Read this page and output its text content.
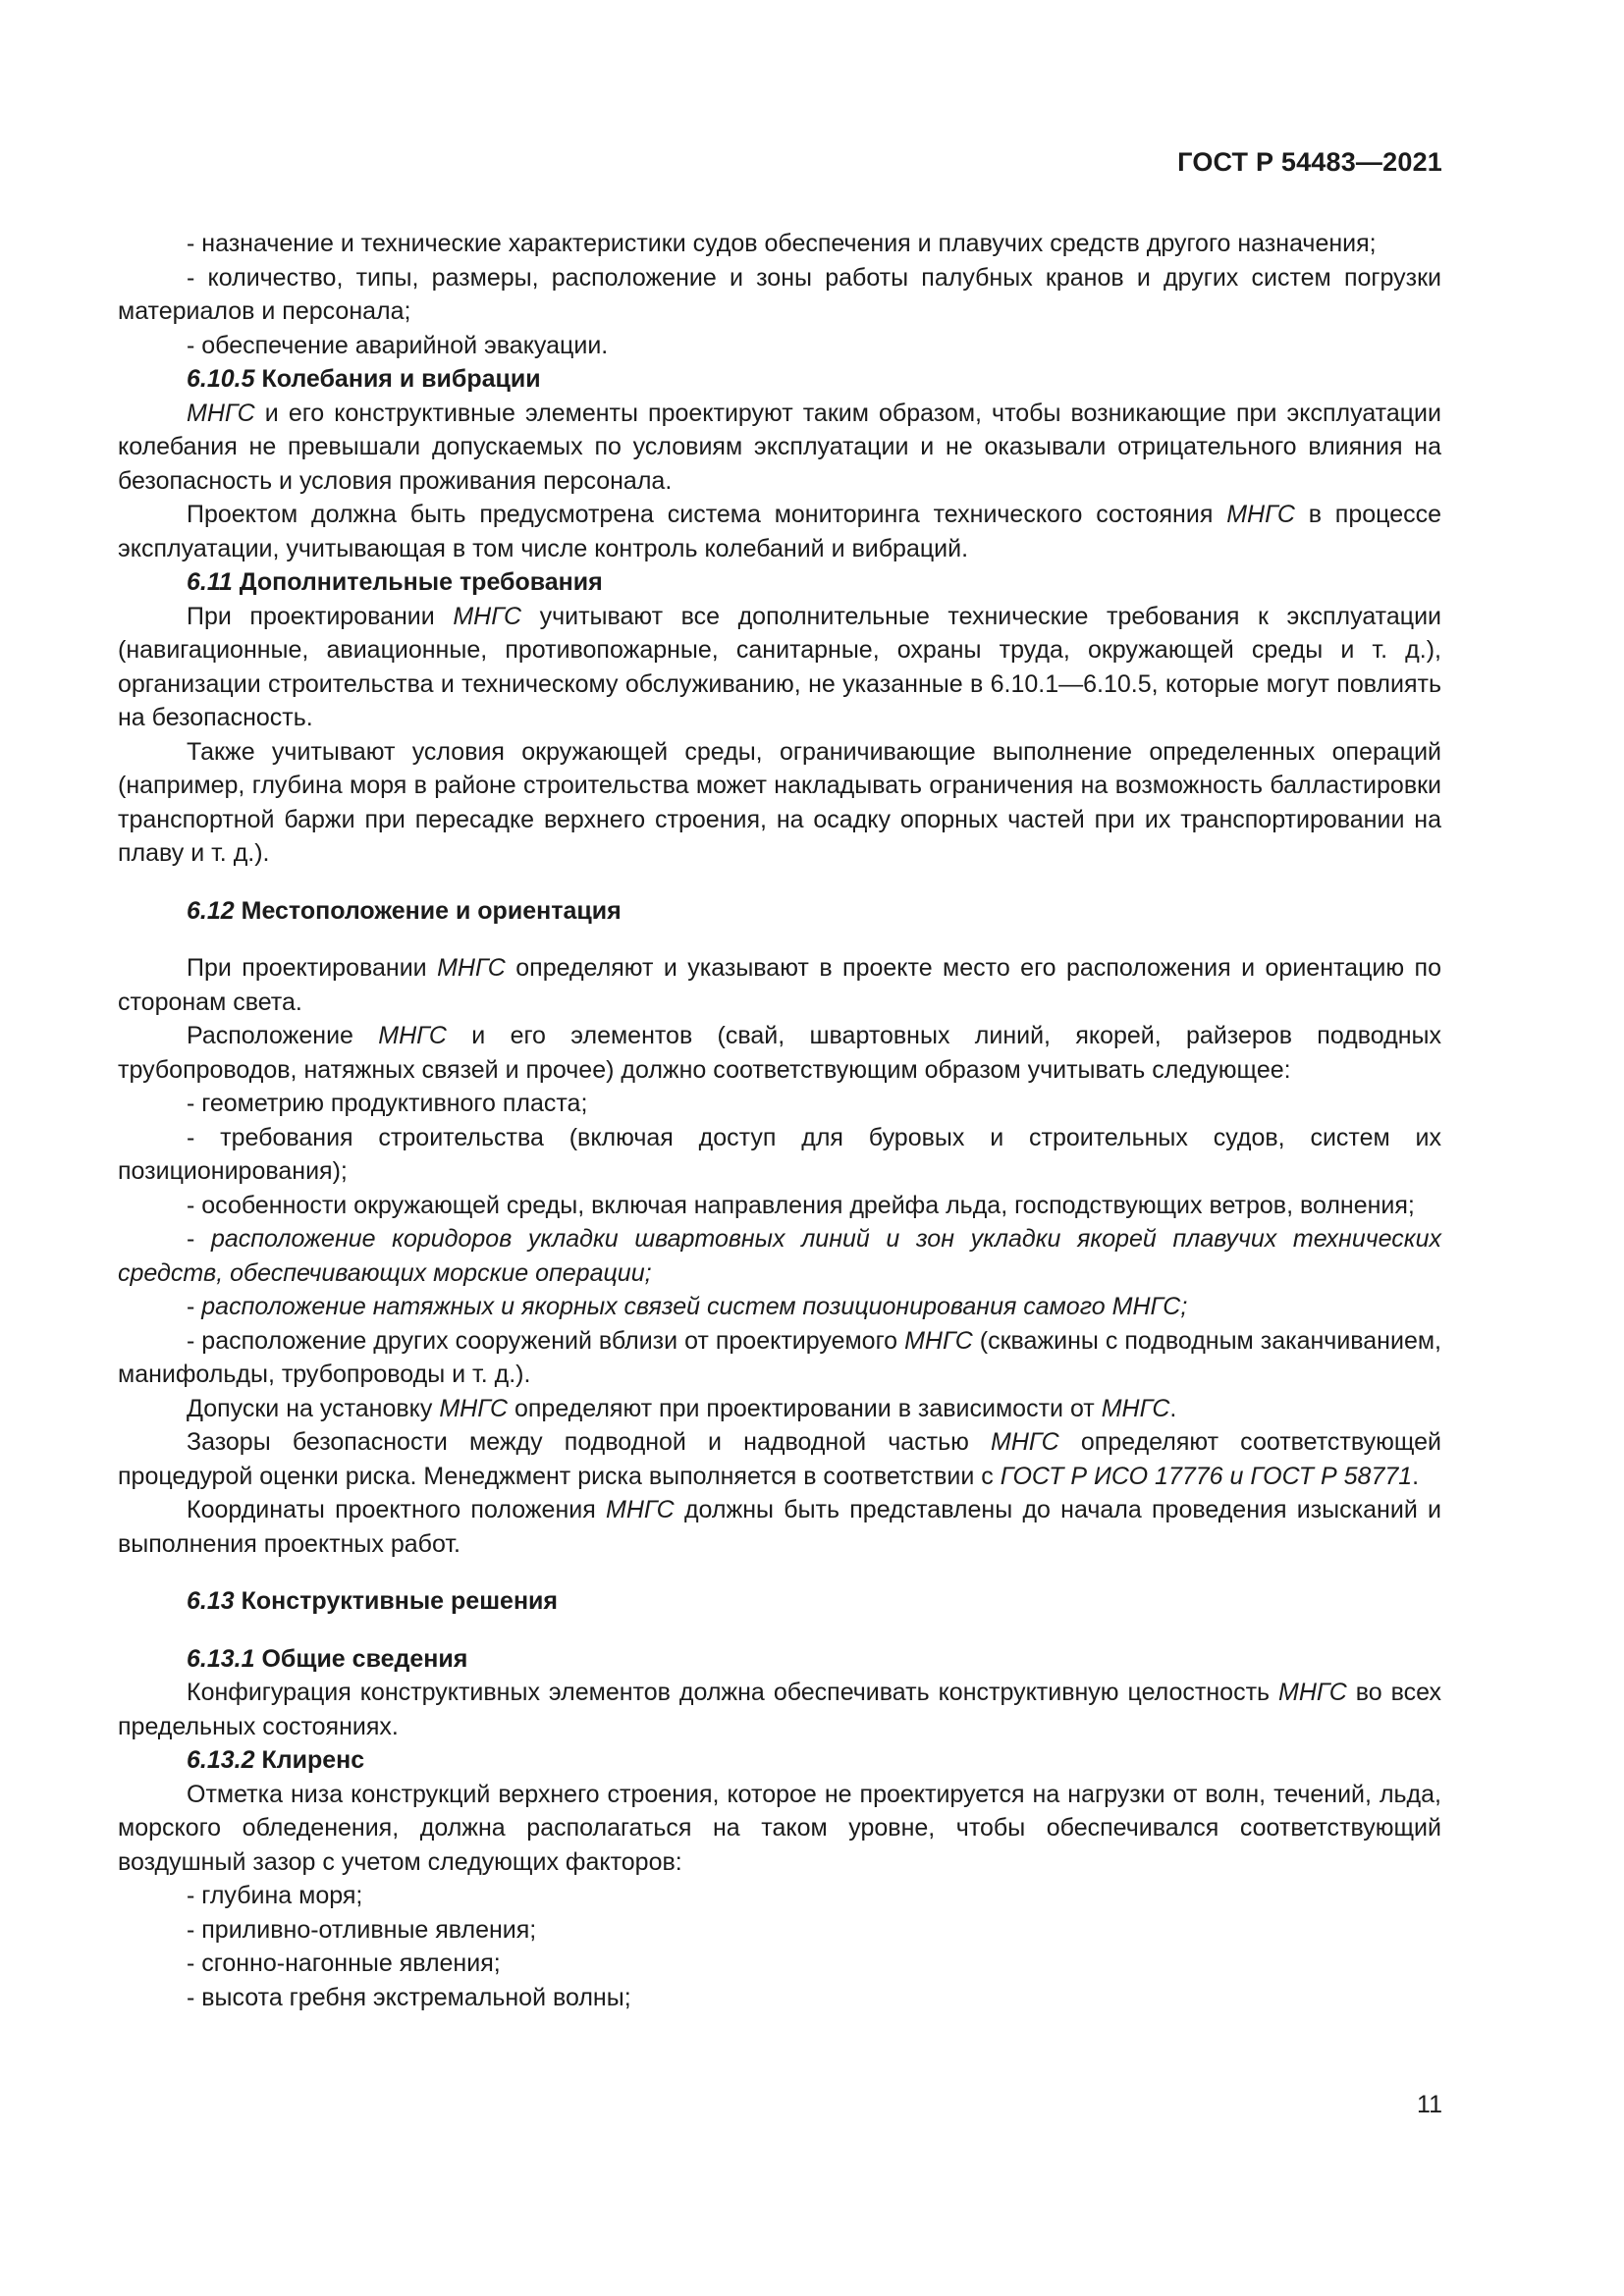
ГОСТ Р 54483—2021

- назначение и технические характеристики судов обеспечения и плавучих средств другого назначения;

- количество, типы, размеры, расположение и зоны работы палубных кранов и других систем погрузки материалов и персонала;

- обеспечение аварийной эвакуации.

6.10.5 Колебания и вибрации

МНГС и его конструктивные элементы проектируют таким образом, чтобы возникающие при эксплуатации колебания не превышали допускаемых по условиям эксплуатации и не оказывали отрицательного влияния на безопасность и условия проживания персонала.

Проектом должна быть предусмотрена система мониторинга технического состояния МНГС в процессе эксплуатации, учитывающая в том числе контроль колебаний и вибраций.

6.11 Дополнительные требования

При проектировании МНГС учитывают все дополнительные технические требования к эксплуатации (навигационные, авиационные, противопожарные, санитарные, охраны труда, окружающей среды и т. д.), организации строительства и техническому обслуживанию, не указанные в 6.10.1—6.10.5, которые могут повлиять на безопасность.

Также учитывают условия окружающей среды, ограничивающие выполнение определенных операций (например, глубина моря в районе строительства может накладывать ограничения на возможность балластировки транспортной баржи при пересадке верхнего строения, на осадку опорных частей при их транспортировании на плаву и т. д.).

6.12 Местоположение и ориентация

При проектировании МНГС определяют и указывают в проекте место его расположения и ориентацию по сторонам света.

Расположение МНГС и его элементов (свай, швартовных линий, якорей, райзеров подводных трубопроводов, натяжных связей и прочее) должно соответствующим образом учитывать следующее:

- геометрию продуктивного пласта;

- требования строительства (включая доступ для буровых и строительных судов, систем их позиционирования);

- особенности окружающей среды, включая направления дрейфа льда, господствующих ветров, волнения;

- расположение коридоров укладки швартовных линий и зон укладки якорей плавучих технических средств, обеспечивающих морские операции;

- расположение натяжных и якорных связей систем позиционирования самого МНГС;

- расположение других сооружений вблизи от проектируемого МНГС (скважины с подводным заканчиванием, манифольды, трубопроводы и т. д.).

Допуски на установку МНГС определяют при проектировании в зависимости от МНГС.

Зазоры безопасности между подводной и надводной частью МНГС определяют соответствующей процедурой оценки риска. Менеджмент риска выполняется в соответствии с ГОСТ Р ИСО 17776 и ГОСТ Р 58771.

Координаты проектного положения МНГС должны быть представлены до начала проведения изысканий и выполнения проектных работ.

6.13 Конструктивные решения

6.13.1 Общие сведения

Конфигурация конструктивных элементов должна обеспечивать конструктивную целостность МНГС во всех предельных состояниях.

6.13.2 Клиренс

Отметка низа конструкций верхнего строения, которое не проектируется на нагрузки от волн, течений, льда, морского обледенения, должна располагаться на таком уровне, чтобы обеспечивался соответствующий воздушный зазор с учетом следующих факторов:

- глубина моря;

- приливно-отливные явления;

- сгонно-нагонные явления;

- высота гребня экстремальной волны;

11
